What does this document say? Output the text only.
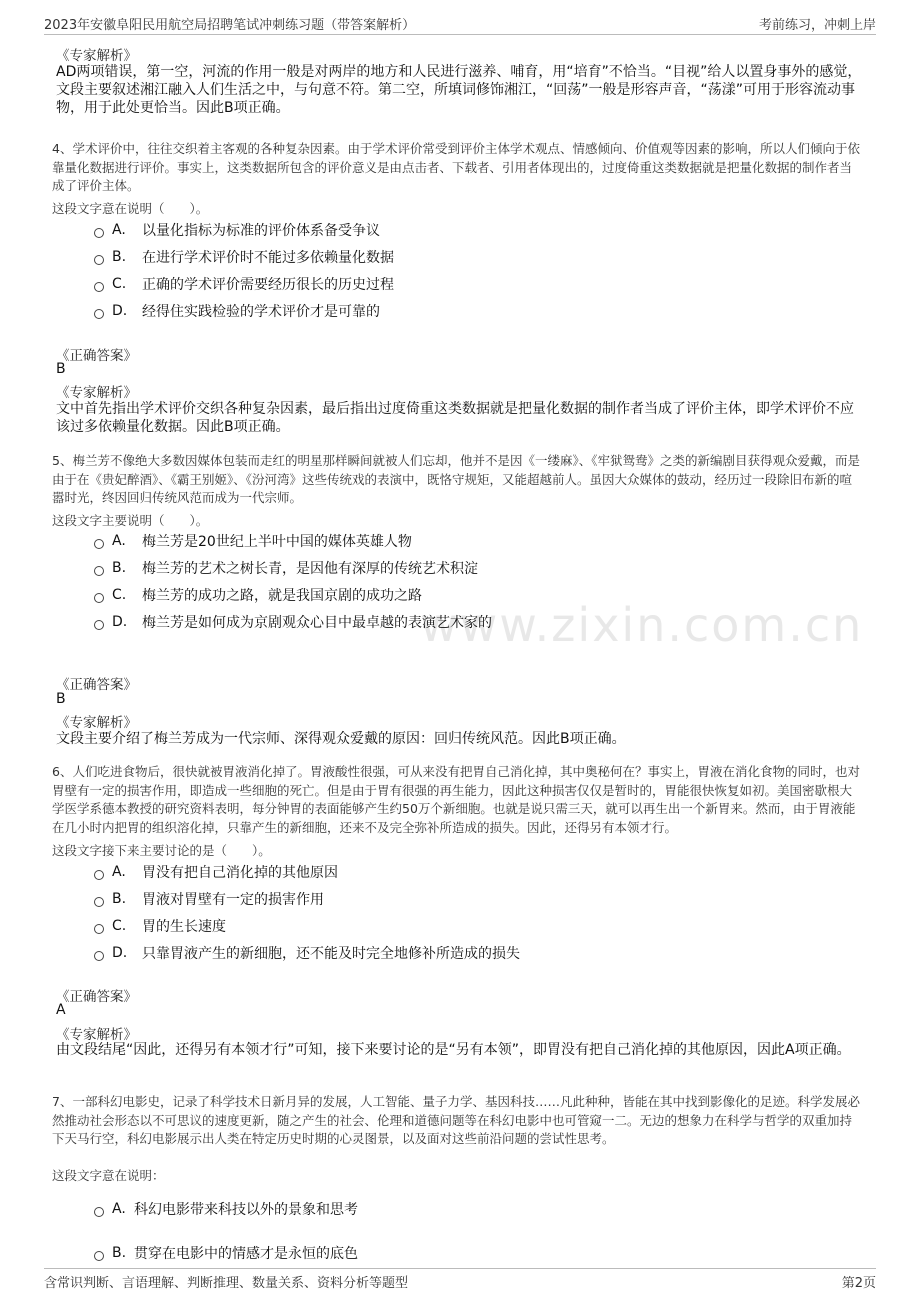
2023年安徽阜阳民用航空局招聘笔试冲刺练习题（带答案解析）	考前练习，冲刺上岸
www.zixin.com.cn
《专家解析》
AD两项错误，第一空，河流的作用一般是对两岸的地方和人民进行滋养、哺育，用“培育”不恰当。“目视”给人以置身事外的感觉，文段主要叙述湘江融入人们生活之中，与句意不符。第二空，所填词修饰湘江，“回荡”一般是形容声音，“荡漾”可用于形容流动事物，用于此处更恰当。因此B项正确。
4、学术评价中，往往交织着主客观的各种复杂因素。由于学术评价常受到评价主体学术观点、情感倾向、价值观等因素的影响，所以人们倾向于依靠量化数据进行评价。事实上，这类数据所包含的评价意义是由点击者、下载者、引用者体现出的，过度倚重这类数据就是把量化数据的制作者当成了评价主体。
这段文字意在说明（　　）。
A.	以量化指标为标准的评价体系备受争议
B.	在进行学术评价时不能过多依赖量化数据
C.	正确的学术评价需要经历很长的历史过程
D.	经得住实践检验的学术评价才是可靠的
《正确答案》
B
《专家解析》
文中首先指出学术评价交织各种复杂因素，最后指出过度倚重这类数据就是把量化数据的制作者当成了评价主体，即学术评价不应该过多依赖量化数据。因此B项正确。
5、梅兰芳不像绝大多数因媒体包装而走红的明星那样瞬间就被人们忘却，他并不是因《一缕麻》、《牢狱鸳鸯》之类的新编剧目获得观众爱戴，而是由于在《贵妃醉酒》、《霸王别姬》、《汾河湾》这些传统戏的表演中，既恪守规矩，又能超越前人。虽因大众媒体的鼓动，经历过一段除旧布新的喧嚣时光，终因回归传统风范而成为一代宗师。
这段文字主要说明（　　）。
A.	梅兰芳是20世纪上半叶中国的媒体英雄人物
B.	梅兰芳的艺术之树长青，是因他有深厚的传统艺术积淀
C.	梅兰芳的成功之路，就是我国京剧的成功之路
D.	梅兰芳是如何成为京剧观众心目中最卓越的表演艺术家的
《正确答案》
B
《专家解析》
文段主要介绍了梅兰芳成为一代宗师、深得观众爱戴的原因：回归传统风范。因此B项正确。
6、人们吃进食物后，很快就被胃液消化掉了。胃液酸性很强，可从来没有把胃自己消化掉，其中奥秘何在？事实上，胃液在消化食物的同时，也对胃壁有一定的损害作用，即造成一些细胞的死亡。但是由于胃有很强的再生能力，因此这种损害仅仅是暂时的，胃能很快恢复如初。美国密歇根大学医学系德本教授的研究资料表明，每分钟胃的表面能够产生约50万个新细胞。也就是说只需三天，就可以再生出一个新胃来。然而，由于胃液能在几小时内把胃的组织溶化掉，只靠产生的新细胞，还来不及完全弥补所造成的损失。因此，还得另有本领才行。
这段文字接下来主要讨论的是（　　）。
A.	胃没有把自己消化掉的其他原因
B.	胃液对胃壁有一定的损害作用
C.	胃的生长速度
D.	只靠胃液产生的新细胞，还不能及时完全地修补所造成的损失
《正确答案》
A
《专家解析》
由文段结尾“因此，还得另有本领才行”可知，接下来要讨论的是“另有本领”，即胃没有把自己消化掉的其他原因，因此A项正确。
7、一部科幻电影史，记录了科学技术日新月异的发展，人工智能、量子力学、基因科技……凡此种种，皆能在其中找到影像化的足迹。科学发展必然推动社会形态以不可思议的速度更新，随之产生的社会、伦理和道德问题等在科幻电影中也可管窥一二。无边的想象力在科学与哲学的双重加持下天马行空，科幻电影展示出人类在特定历史时期的心灵图景，以及面对这些前沿问题的尝试性思考。
这段文字意在说明：
A. 科幻电影带来科技以外的景象和思考
B. 贯穿在电影中的情感才是永恒的底色
含常识判断、言语理解、判断推理、数量关系、资料分析等题型	第2页
